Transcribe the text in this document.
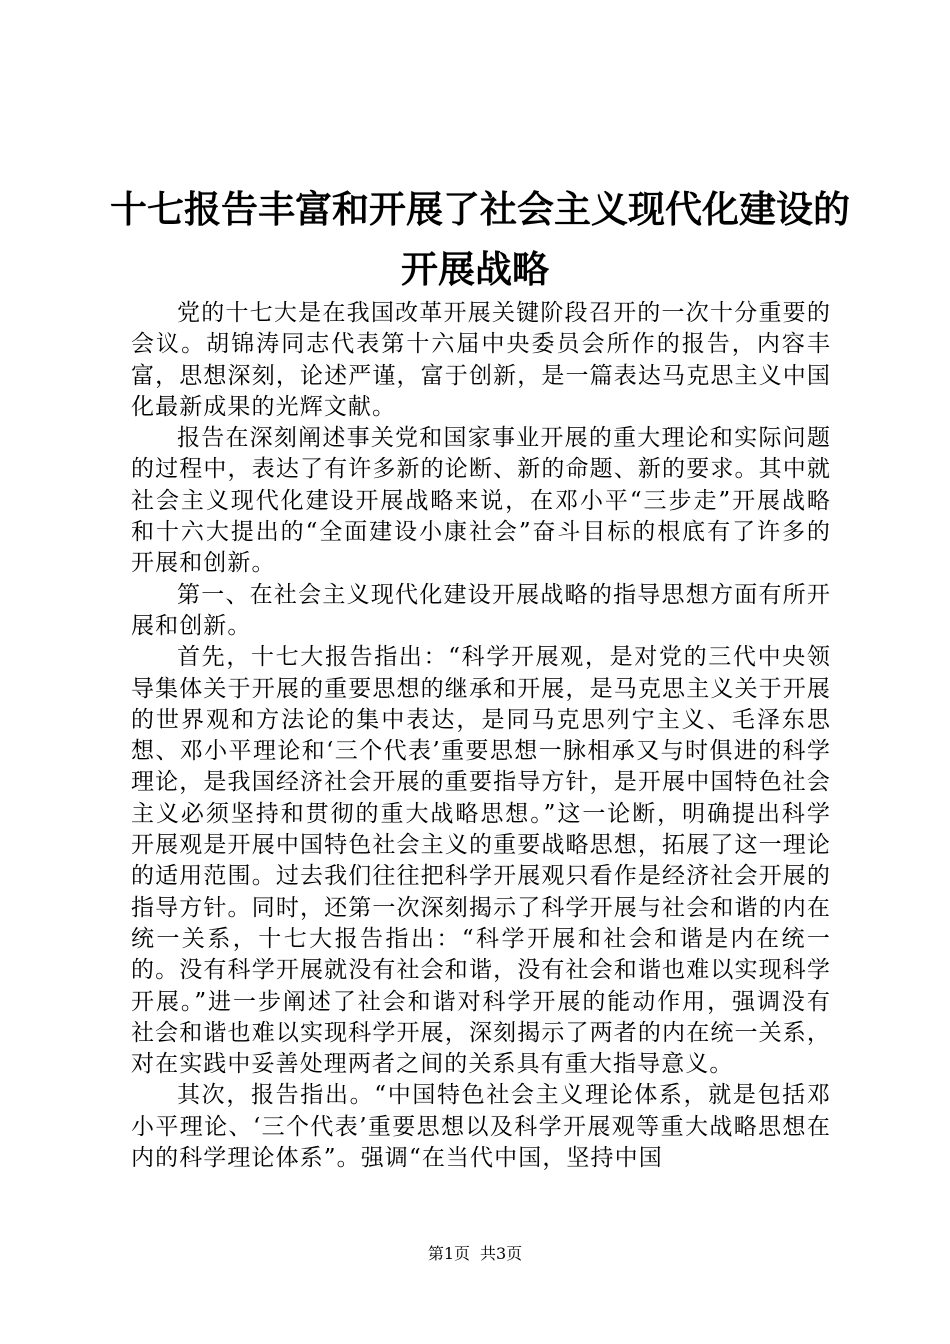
十七报告丰富和开展了社会主义现代化建设的
开展战略

党的十七大是在我国改革开展关键阶段召开的一次十分重要的会议。胡锦涛同志代表第十六届中央委员会所作的报告，内容丰富，思想深刻，论述严谨，富于创新，是一篇表达马克思主义中国化最新成果的光辉文献。

报告在深刻阐述事关党和国家事业开展的重大理论和实际问题的过程中，表达了有许多新的论断、新的命题、新的要求。其中就社会主义现代化建设开展战略来说，在邓小平“三步走”开展战略和十六大提出的“全面建设小康社会”奋斗目标的根底有了许多的开展和创新。

第一、在社会主义现代化建设开展战略的指导思想方面有所开展和创新。

首先，十七大报告指出：“科学开展观，是对党的三代中央领导集体关于开展的重要思想的继承和开展，是马克思主义关于开展的世界观和方法论的集中表达，是同马克思列宁主义、毛泽东思想、邓小平理论和‘三个代表’重要思想一脉相承又与时俱进的科学理论，是我国经济社会开展的重要指导方针，是开展中国特色社会主义必须坚持和贯彻的重大战略思想。”这一论断，明确提出科学开展观是开展中国特色社会主义的重要战略思想，拓展了这一理论的适用范围。过去我们往往把科学开展观只看作是经济社会开展的指导方针。同时，还第一次深刻揭示了科学开展与社会和谐的内在统一关系，十七大报告指出：“科学开展和社会和谐是内在统一的。没有科学开展就没有社会和谐，没有社会和谐也难以实现科学开展。”进一步阐述了社会和谐对科学开展的能动作用，强调没有社会和谐也难以实现科学开展，深刻揭示了两者的内在统一关系，对在实践中妥善处理两者之间的关系具有重大指导意义。

其次，报告指出。“中国特色社会主义理论体系，就是包括邓小平理论、‘三个代表’重要思想以及科学开展观等重大战略思想在内的科学理论体系”。强调“在当代中国，坚持中国

第1页 共3页
